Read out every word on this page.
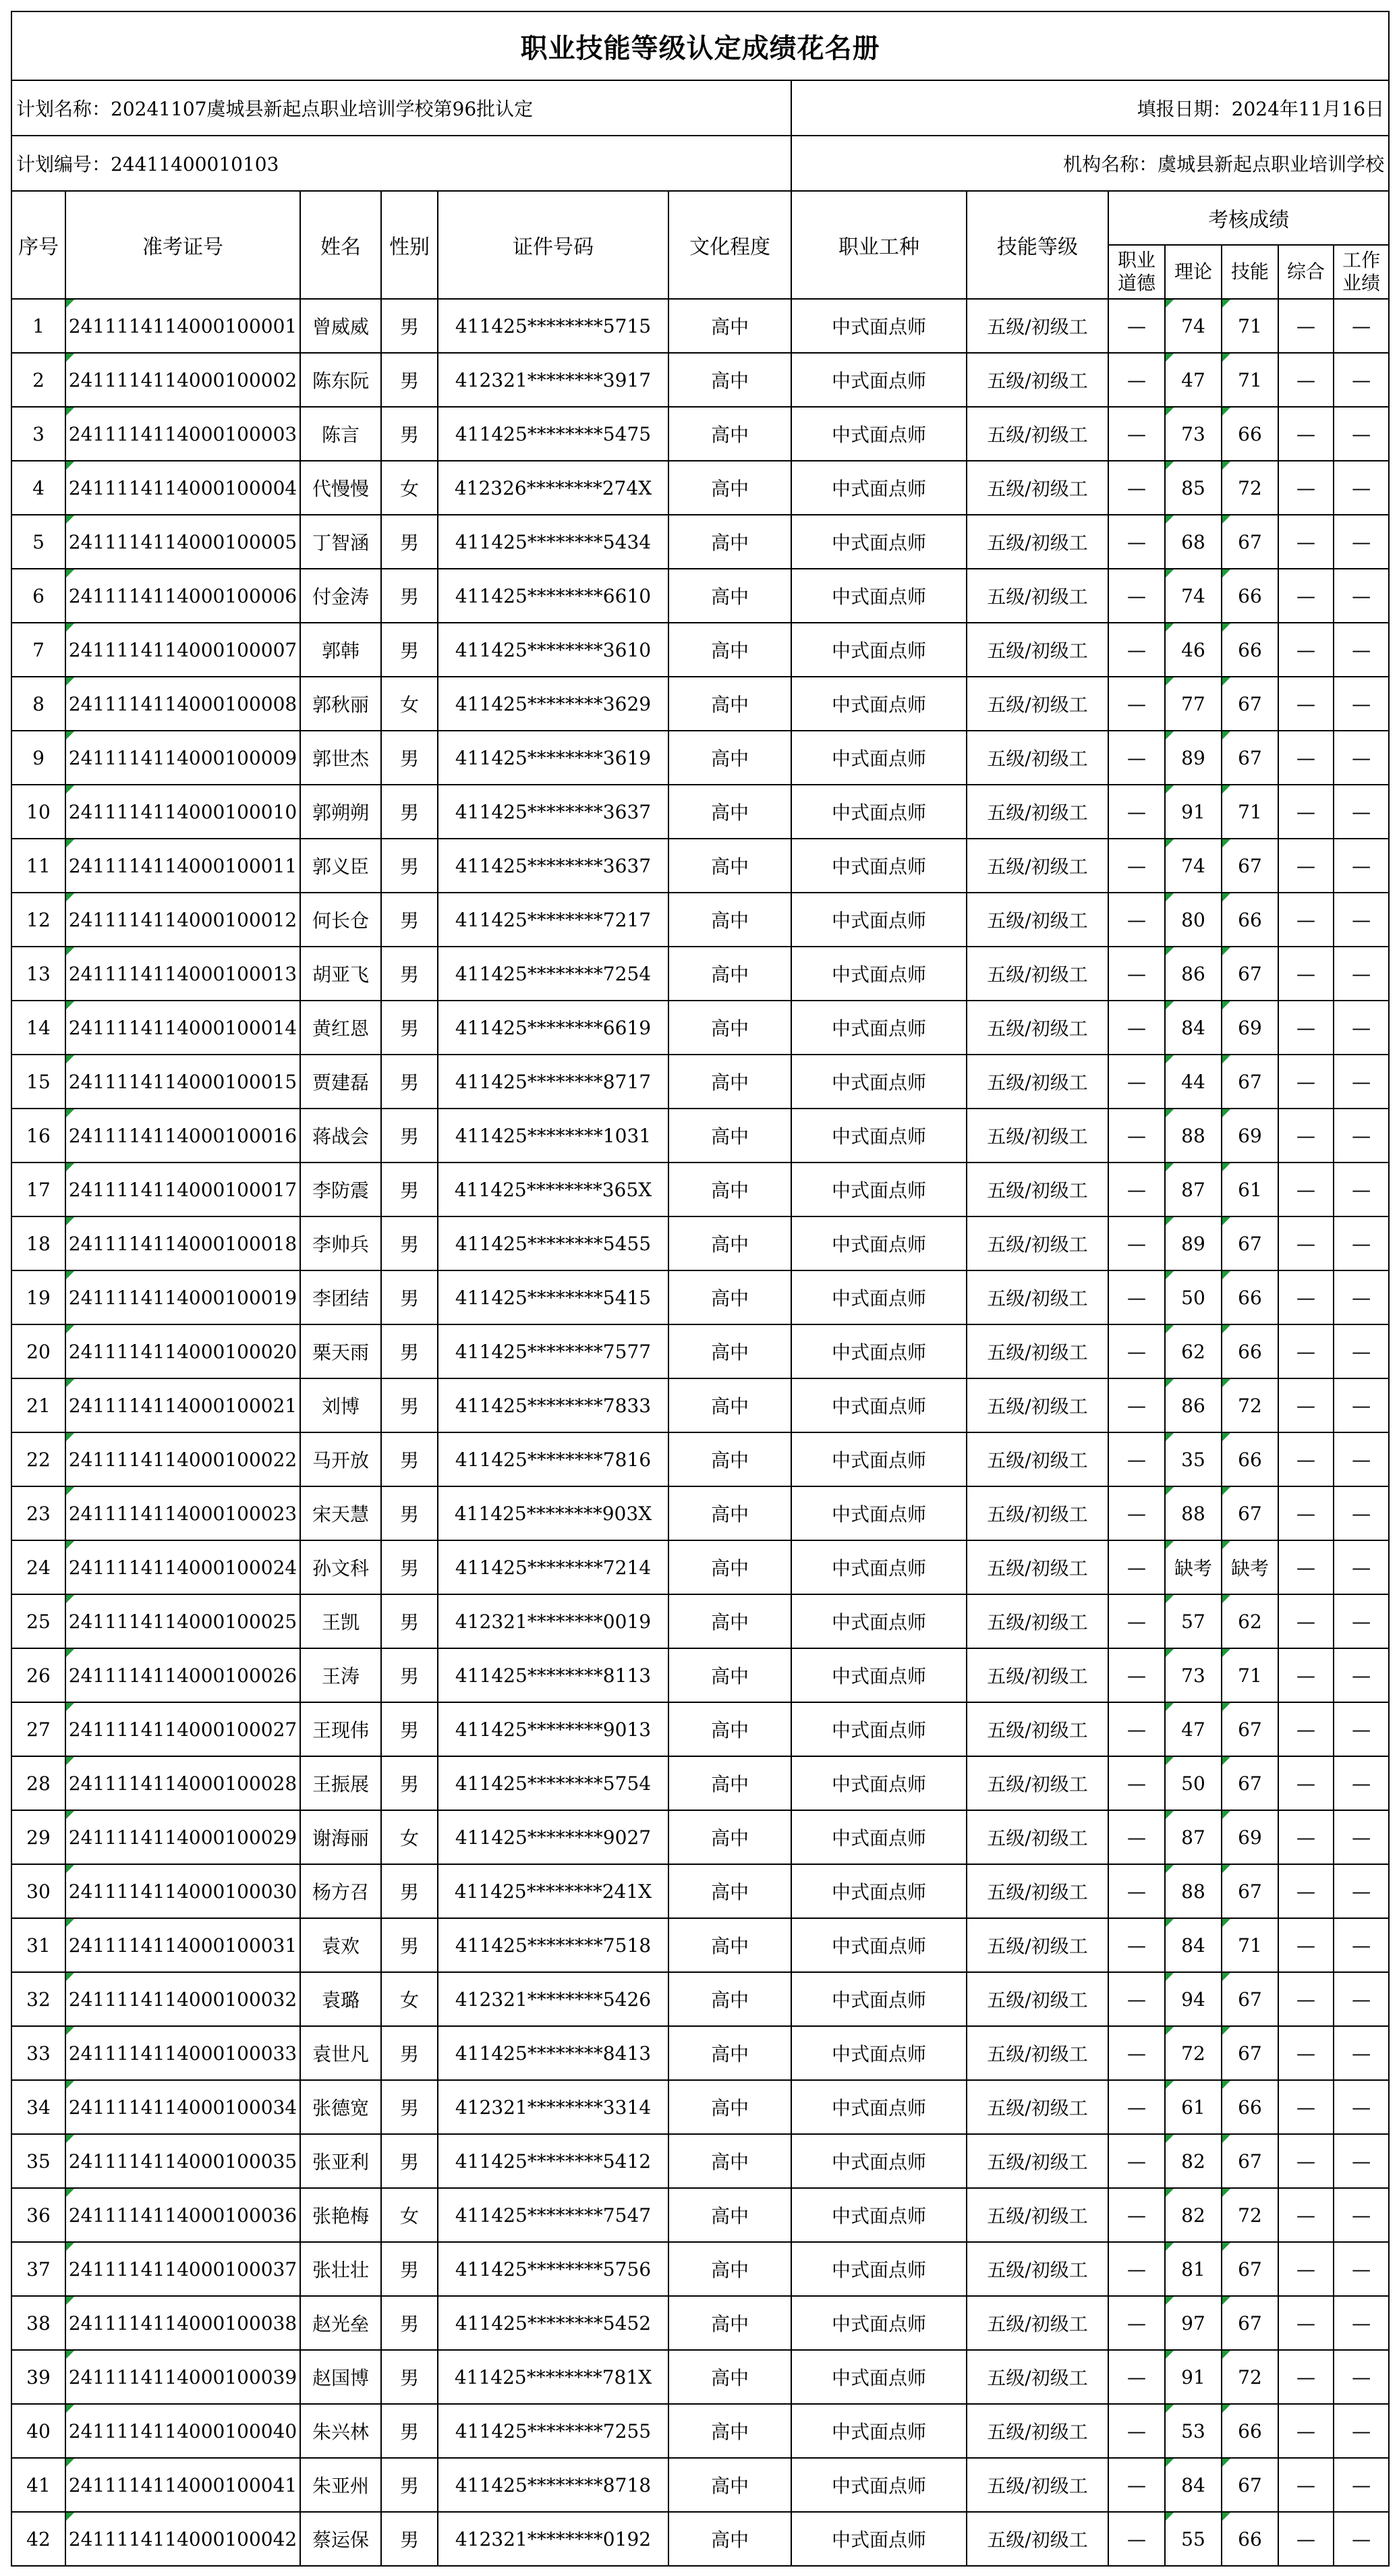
职业技能等级认定成绩花名册												
计划名称：20241107虞城县新起点职业培训学校第96批认定						填报日期：2024年11月16日						
计划编号：24411400010103						机构名称：虞城县新起点职业培训学校						
序号	准考证号	姓名	性别	证件号码	文化程度	职业工种	技能等级	考核成绩				
								职业道德	理论	技能	综合	工作业绩
1	2411114114000100001	曾威威	男	411425********5715	高中	中式面点师	五级/初级工	—	74	71	—	—
2	2411114114000100002	陈东阮	男	412321********3917	高中	中式面点师	五级/初级工	—	47	71	—	—
3	2411114114000100003	陈言	男	411425********5475	高中	中式面点师	五级/初级工	—	73	66	—	—
4	2411114114000100004	代慢慢	女	412326********274X	高中	中式面点师	五级/初级工	—	85	72	—	—
5	2411114114000100005	丁智涵	男	411425********5434	高中	中式面点师	五级/初级工	—	68	67	—	—
6	2411114114000100006	付金涛	男	411425********6610	高中	中式面点师	五级/初级工	—	74	66	—	—
7	2411114114000100007	郭韩	男	411425********3610	高中	中式面点师	五级/初级工	—	46	66	—	—
8	2411114114000100008	郭秋丽	女	411425********3629	高中	中式面点师	五级/初级工	—	77	67	—	—
9	2411114114000100009	郭世杰	男	411425********3619	高中	中式面点师	五级/初级工	—	89	67	—	—
10	2411114114000100010	郭朔朔	男	411425********3637	高中	中式面点师	五级/初级工	—	91	71	—	—
11	2411114114000100011	郭义臣	男	411425********3637	高中	中式面点师	五级/初级工	—	74	67	—	—
12	2411114114000100012	何长仓	男	411425********7217	高中	中式面点师	五级/初级工	—	80	66	—	—
13	2411114114000100013	胡亚飞	男	411425********7254	高中	中式面点师	五级/初级工	—	86	67	—	—
14	2411114114000100014	黄红恩	男	411425********6619	高中	中式面点师	五级/初级工	—	84	69	—	—
15	2411114114000100015	贾建磊	男	411425********8717	高中	中式面点师	五级/初级工	—	44	67	—	—
16	2411114114000100016	蒋战会	男	411425********1031	高中	中式面点师	五级/初级工	—	88	69	—	—
17	2411114114000100017	李防震	男	411425********365X	高中	中式面点师	五级/初级工	—	87	61	—	—
18	2411114114000100018	李帅兵	男	411425********5455	高中	中式面点师	五级/初级工	—	89	67	—	—
19	2411114114000100019	李团结	男	411425********5415	高中	中式面点师	五级/初级工	—	50	66	—	—
20	2411114114000100020	栗天雨	男	411425********7577	高中	中式面点师	五级/初级工	—	62	66	—	—
21	2411114114000100021	刘博	男	411425********7833	高中	中式面点师	五级/初级工	—	86	72	—	—
22	2411114114000100022	马开放	男	411425********7816	高中	中式面点师	五级/初级工	—	35	66	—	—
23	2411114114000100023	宋天慧	男	411425********903X	高中	中式面点师	五级/初级工	—	88	67	—	—
24	2411114114000100024	孙文科	男	411425********7214	高中	中式面点师	五级/初级工	—	缺考	缺考	—	—
25	2411114114000100025	王凯	男	412321********0019	高中	中式面点师	五级/初级工	—	57	62	—	—
26	2411114114000100026	王涛	男	411425********8113	高中	中式面点师	五级/初级工	—	73	71	—	—
27	2411114114000100027	王现伟	男	411425********9013	高中	中式面点师	五级/初级工	—	47	67	—	—
28	2411114114000100028	王振展	男	411425********5754	高中	中式面点师	五级/初级工	—	50	67	—	—
29	2411114114000100029	谢海丽	女	411425********9027	高中	中式面点师	五级/初级工	—	87	69	—	—
30	2411114114000100030	杨方召	男	411425********241X	高中	中式面点师	五级/初级工	—	88	67	—	—
31	2411114114000100031	袁欢	男	411425********7518	高中	中式面点师	五级/初级工	—	84	71	—	—
32	2411114114000100032	袁璐	女	412321********5426	高中	中式面点师	五级/初级工	—	94	67	—	—
33	2411114114000100033	袁世凡	男	411425********8413	高中	中式面点师	五级/初级工	—	72	67	—	—
34	2411114114000100034	张德宽	男	412321********3314	高中	中式面点师	五级/初级工	—	61	66	—	—
35	2411114114000100035	张亚利	男	411425********5412	高中	中式面点师	五级/初级工	—	82	67	—	—
36	2411114114000100036	张艳梅	女	411425********7547	高中	中式面点师	五级/初级工	—	82	72	—	—
37	2411114114000100037	张壮壮	男	411425********5756	高中	中式面点师	五级/初级工	—	81	67	—	—
38	2411114114000100038	赵光垒	男	411425********5452	高中	中式面点师	五级/初级工	—	97	67	—	—
39	2411114114000100039	赵国博	男	411425********781X	高中	中式面点师	五级/初级工	—	91	72	—	—
40	2411114114000100040	朱兴林	男	411425********7255	高中	中式面点师	五级/初级工	—	53	66	—	—
41	2411114114000100041	朱亚州	男	411425********8718	高中	中式面点师	五级/初级工	—	84	67	—	—
42	2411114114000100042	蔡运保	男	412321********0192	高中	中式面点师	五级/初级工	—	55	66	—	—
